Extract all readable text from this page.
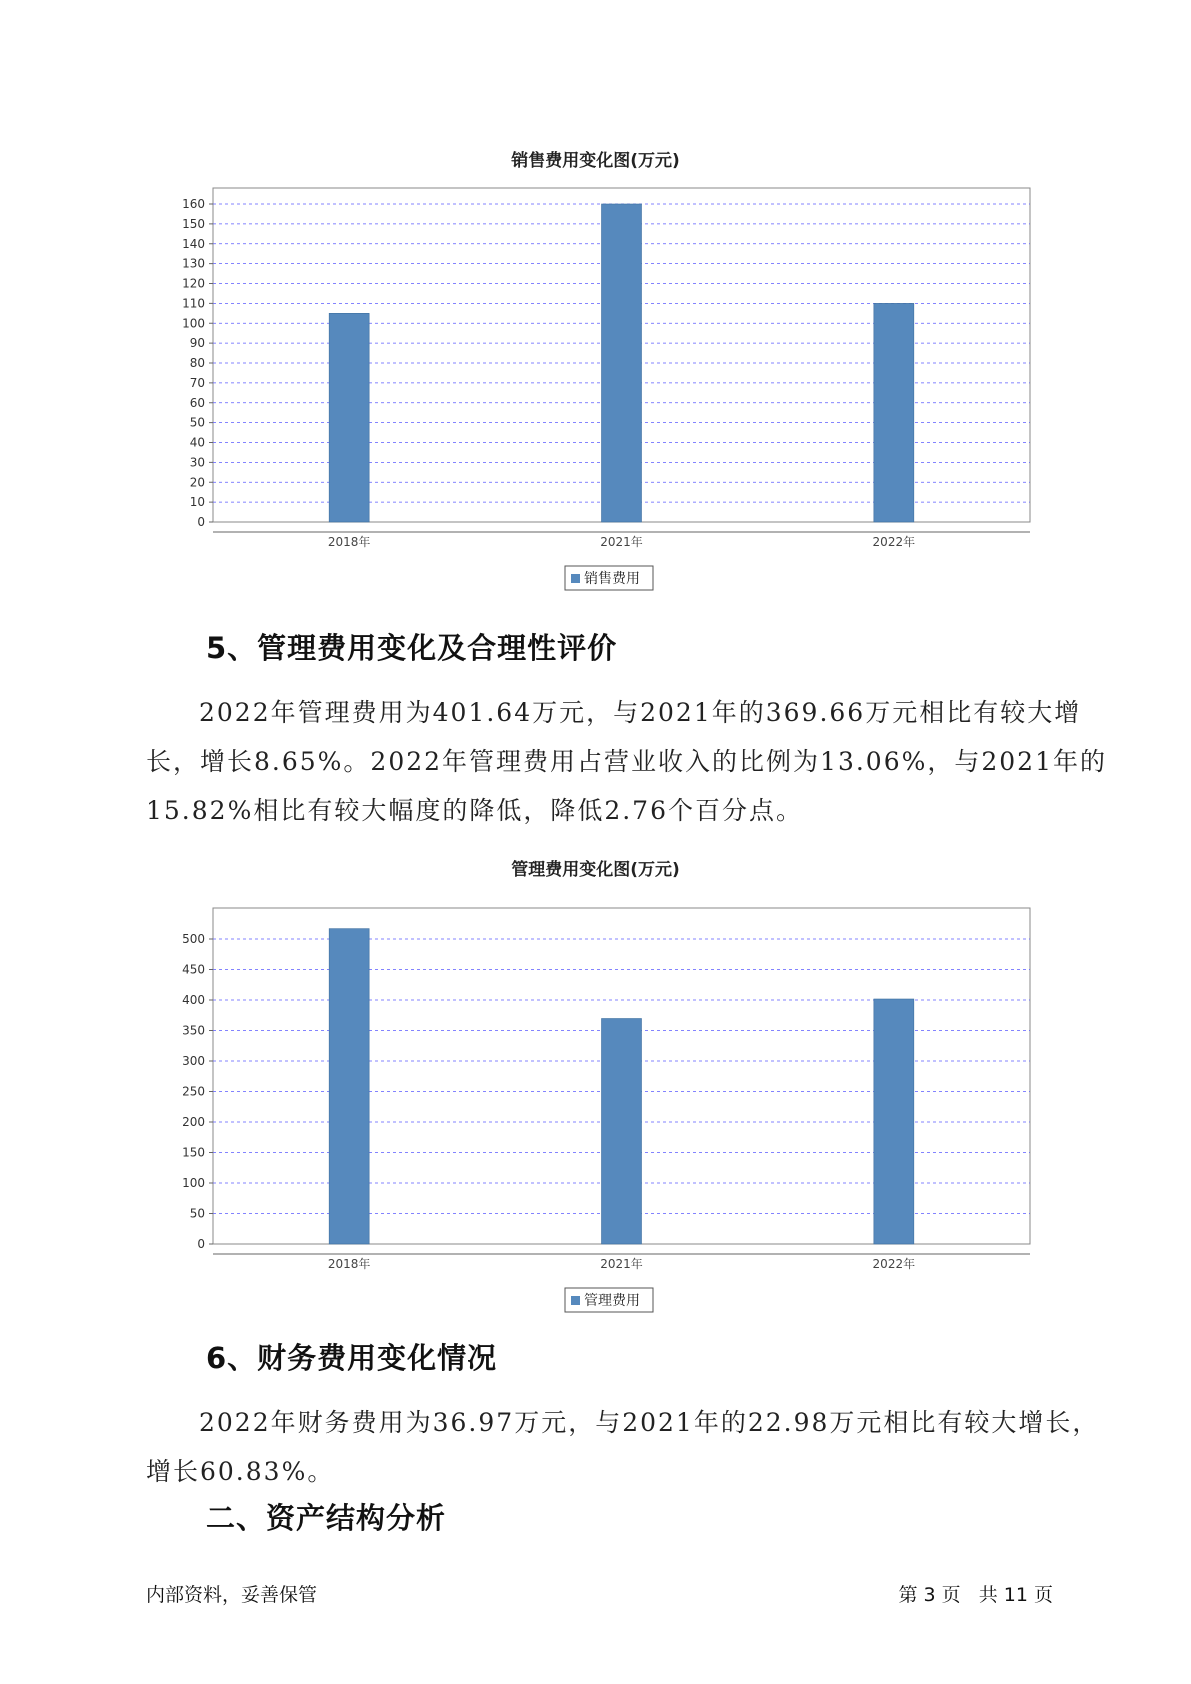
销售费用变化图(万元)
0
10
20
30
40
50
60
70
80
90
100
110
120
130
140
150
160
2018年	2021年	2022年
销售费用
5、管理费用变化及合理性评价
2022年管理费用为401.64万元，与2021年的369.66万元相比有较大增
长，增长8.65%。2022年管理费用占营业收入的比例为13.06%，与2021年的
15.82%相比有较大幅度的降低，降低2.76个百分点。
管理费用变化图(万元)
0
50
100
150
200
250
300
350
400
450
500
2018年	2021年	2022年
管理费用
6、财务费用变化情况
2022年财务费用为36.97万元，与2021年的22.98万元相比有较大增长，
增长60.83%。
二、资产结构分析
内部资料，妥善保管	第 3 页   共 11 页
